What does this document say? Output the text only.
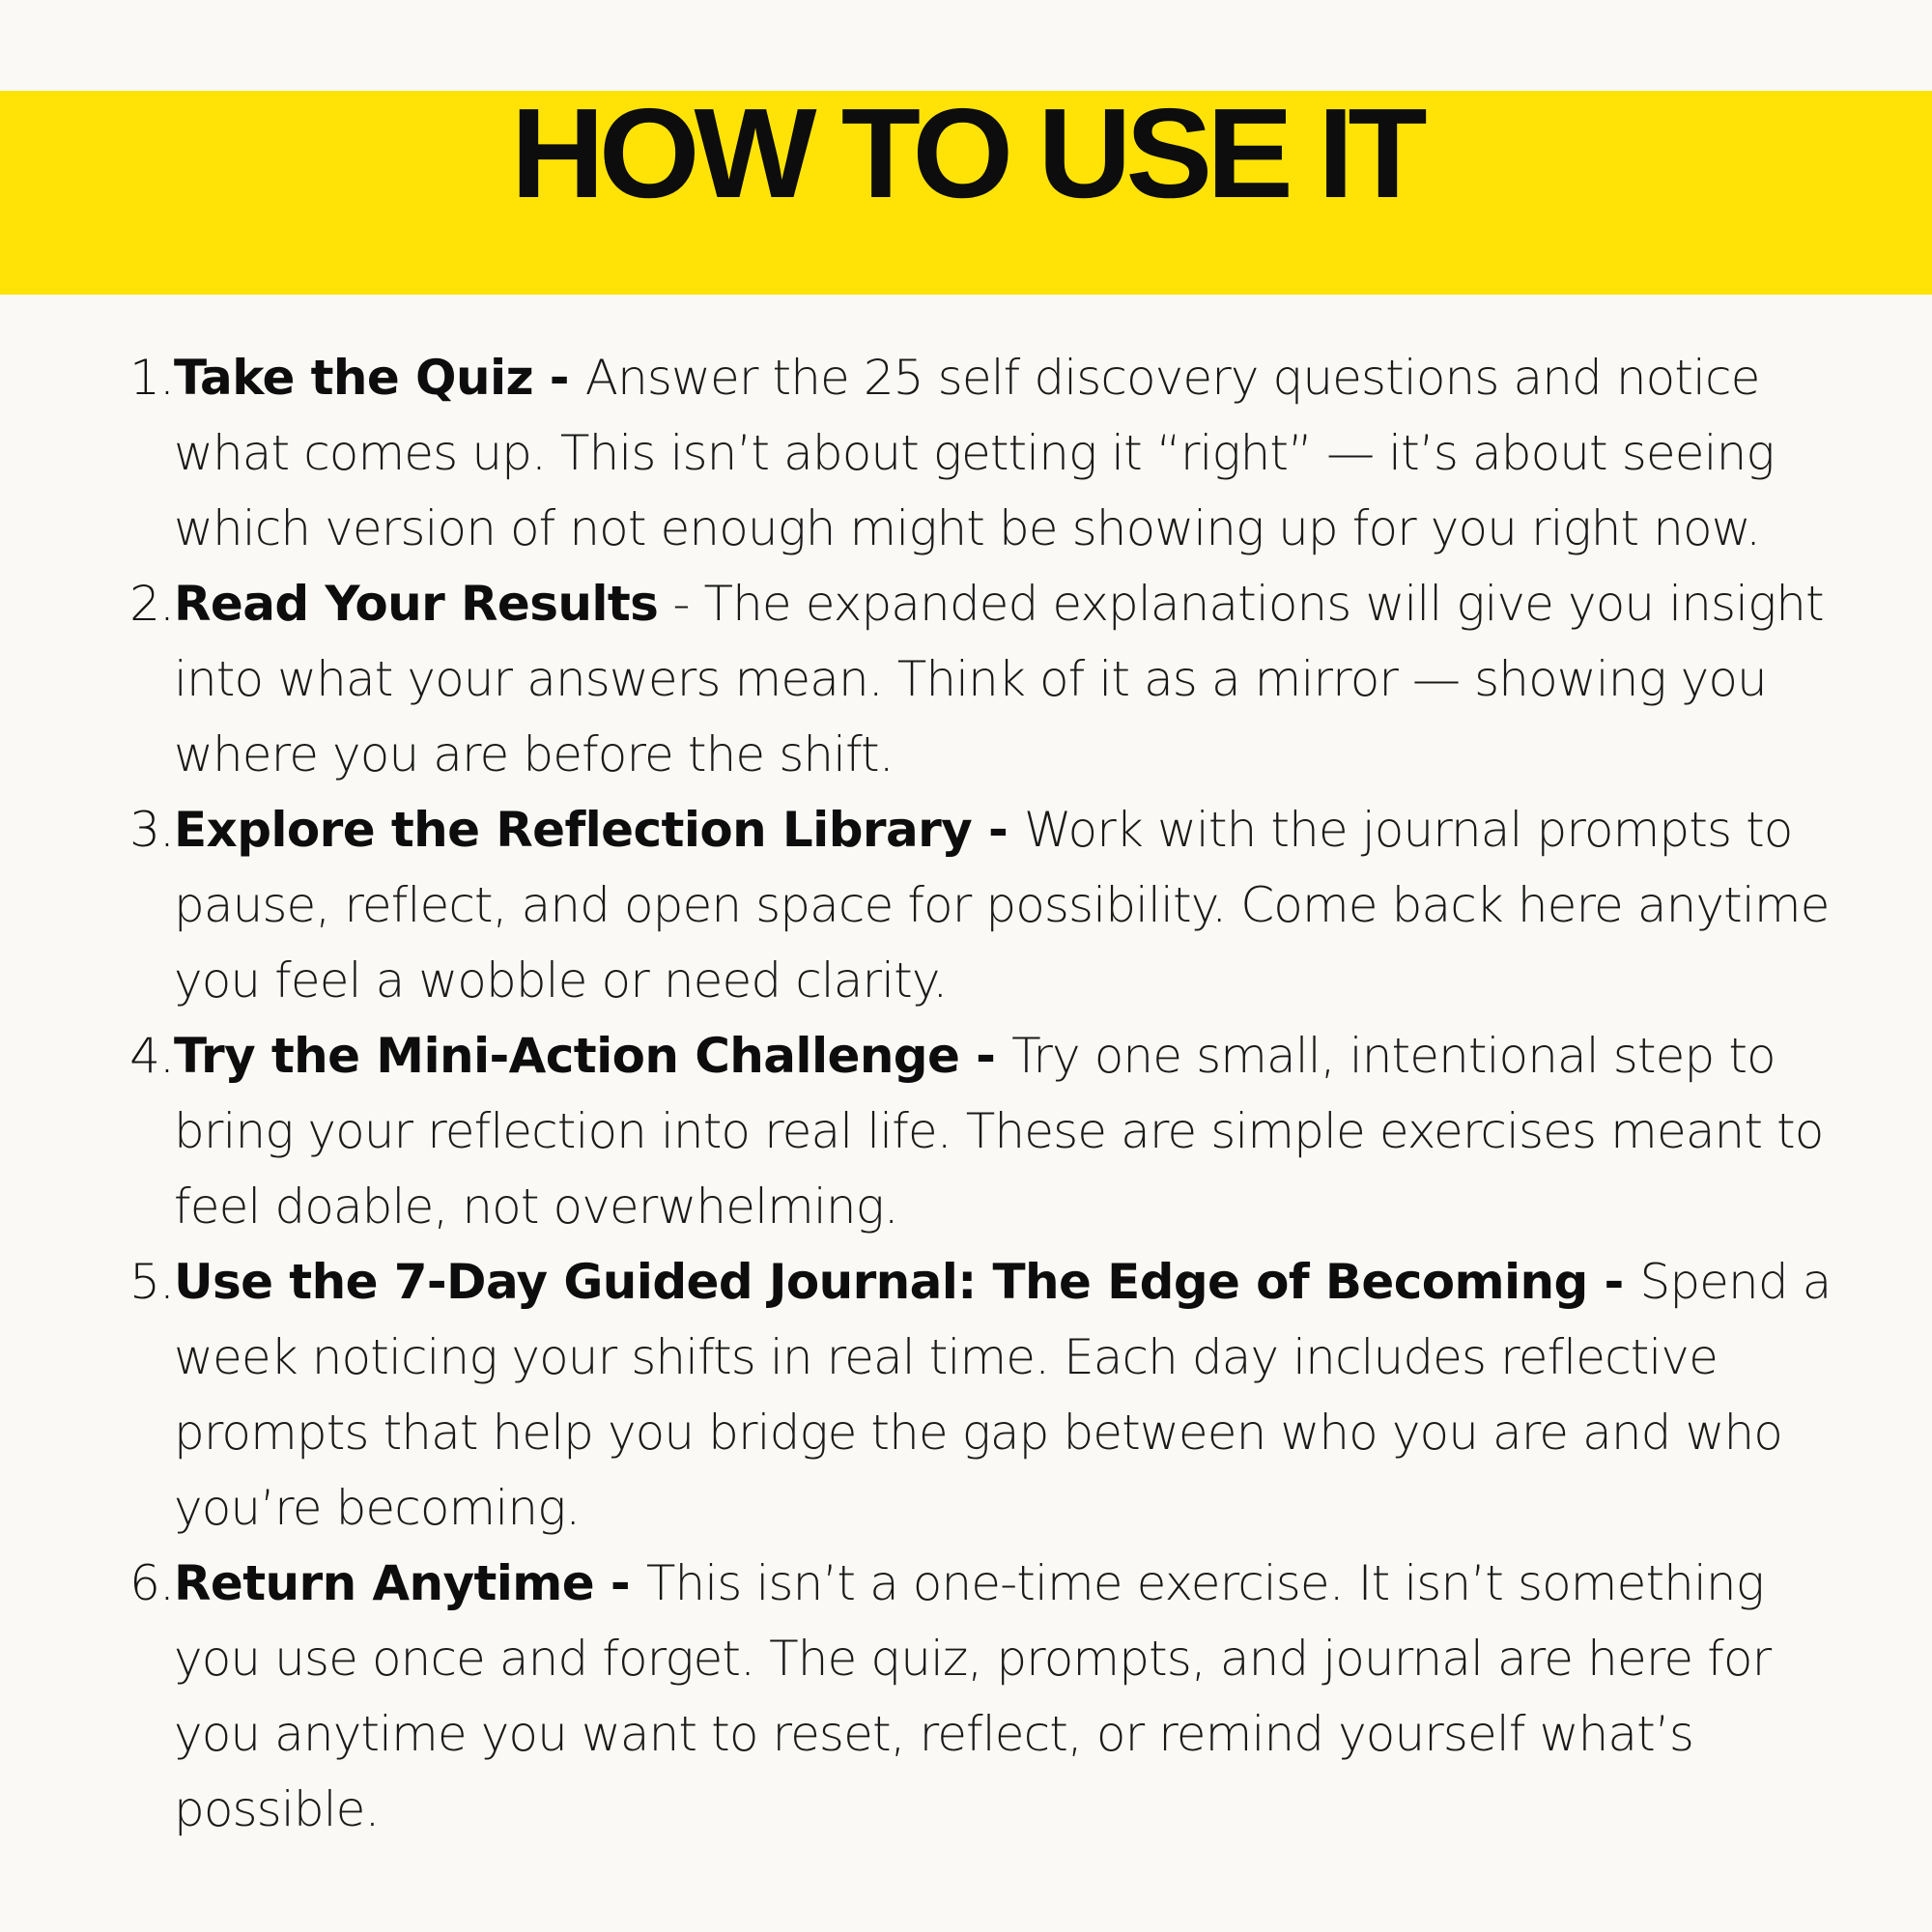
HOW TO USE IT
1. Take the Quiz - Answer the 25 self discovery questions and notice what comes up. This isn’t about getting it “right” — it’s about seeing which version of not enough might be showing up for you right now.
2. Read Your Results - The expanded explanations will give you insight into what your answers mean. Think of it as a mirror — showing you where you are before the shift.
3. Explore the Reflection Library - Work with the journal prompts to pause, reflect, and open space for possibility. Come back here anytime you feel a wobble or need clarity.
4. Try the Mini-Action Challenge - Try one small, intentional step to bring your reflection into real life. These are simple exercises meant to feel doable, not overwhelming.
5. Use the 7-Day Guided Journal: The Edge of Becoming - Spend a week noticing your shifts in real time. Each day includes reflective prompts that help you bridge the gap between who you are and who you’re becoming.
6. Return Anytime - This isn’t a one-time exercise. It isn’t something you use once and forget. The quiz, prompts, and journal are here for you anytime you want to reset, reflect, or remind yourself what’s possible.
